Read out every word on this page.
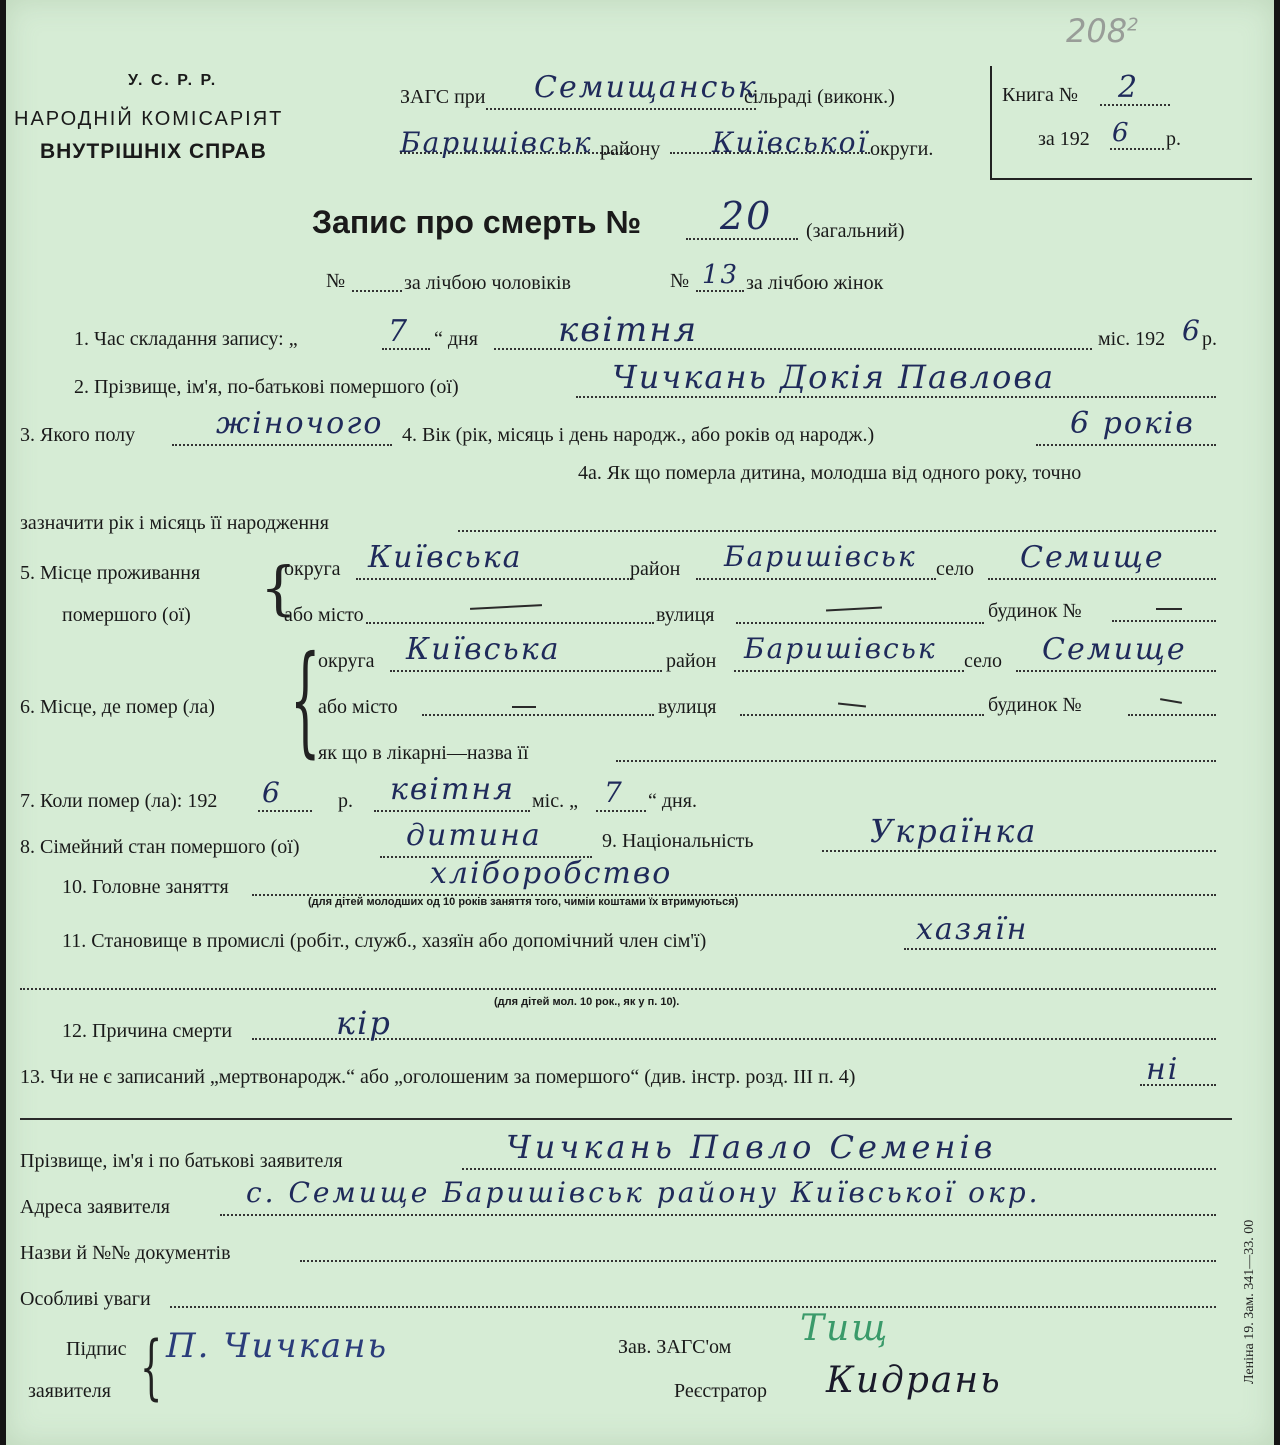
$208^2$
У. С. Р. Р.
НАРОДНІЙ КОМІСАРІЯТ
ВНУТРІШНІХ СПРАВ
ЗАГС при Семищанськ
сільраді (виконк.)
Баришівськ району Київської округи.
Книга № 2
за 192 6 р.
Запис про смерть № 20 (загальний)
№	за лічбою чоловіків	№ 13 за лічбою жінок
1. Час складання запису: „	7 “ дня квітня	міс. 192 6 р.
2. Прізвище, ім'я, по-батькові помершого (ої)	Чичкань Докія Павлова
3. Якого полу	жіночого 4. Вік (рік, місяць і день народж., або років од народж.)	6 років
4а. Як що померла дитина, молодша від одного року, точно
зазначити рік і місяць її народження
5. Місце проживання
помершого (ої) {
округа Київська	район Баришівськ село Семище
або місто	вулиця	будинок №
6. Місце, де помер (ла) {
округа Київська	район Баришівськ село Семище
або місто	вулиця	будинок №
як що в лікарні—назва її
7. Коли помер (ла): 192 6	р. квітня міс. „ 7 “ дня.
8. Сімейний стан помершого (ої)	дитина	9. Національність	Українка
10. Головне заняття	хліборобство
(для дітей молодших од 10 років заняття того, чиміи коштами їх втримуються)
11. Становище в промислі (робіт., служб., хазяїн або допомічний член сім'ї)	хазяїн
(для дітей мол. 10 рок., як у п. 10).
12. Причина смерти	кір
13. Чи не є записаний „мертвонародж.“ або „оголошеним за помершого“ (див. інстр. розд. III п. 4)	ні
Прізвище, ім'я і по батькові заявителя	Чичкань Павло Семенів
Адреса заявителя	с. Семище Баришівськ району Київської окр.
Назви й №№ документів
Особливі уваги
Підпис
заявителя { П. Чичкань	Зав. ЗАГС'ом Тищ
Реєстратор Кидрань	Леніна 19. Зам. 341—33. 00
